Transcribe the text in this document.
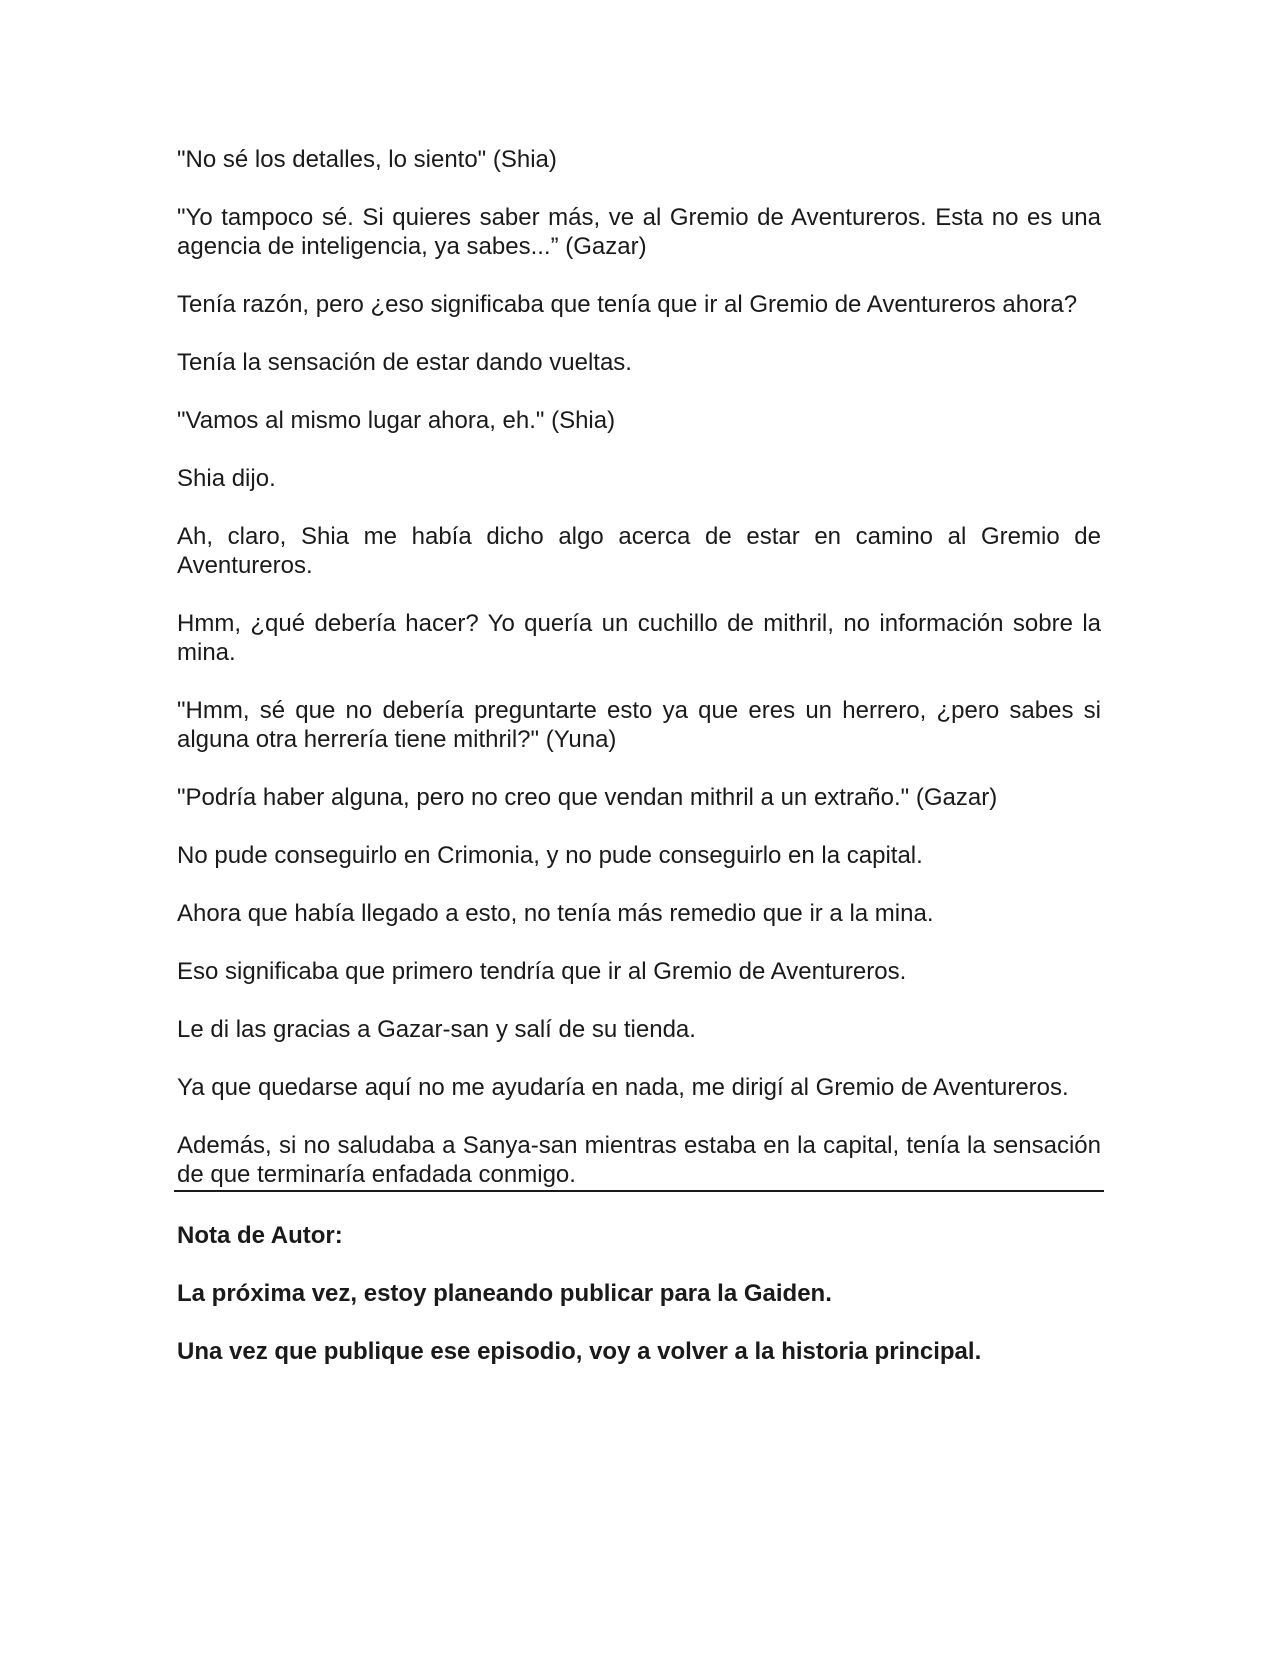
"No sé los detalles, lo siento" (Shia)

"Yo tampoco sé. Si quieres saber más, ve al Gremio de Aventureros. Esta no es una agencia de inteligencia, ya sabes...” (Gazar)

Tenía razón, pero ¿eso significaba que tenía que ir al Gremio de Aventureros ahora?

Tenía la sensación de estar dando vueltas.

"Vamos al mismo lugar ahora, eh." (Shia)

Shia dijo.

Ah, claro, Shia me había dicho algo acerca de estar en camino al Gremio de Aventureros.

Hmm, ¿qué debería hacer? Yo quería un cuchillo de mithril, no información sobre la mina.

"Hmm, sé que no debería preguntarte esto ya que eres un herrero, ¿pero sabes si alguna otra herrería tiene mithril?" (Yuna)

"Podría haber alguna, pero no creo que vendan mithril a un extraño." (Gazar)

No pude conseguirlo en Crimonia, y no pude conseguirlo en la capital.

Ahora que había llegado a esto, no tenía más remedio que ir a la mina.

Eso significaba que primero tendría que ir al Gremio de Aventureros.

Le di las gracias a Gazar-san y salí de su tienda.

Ya que quedarse aquí no me ayudaría en nada, me dirigí al Gremio de Aventureros.

Además, si no saludaba a Sanya-san mientras estaba en la capital, tenía la sensación de que terminaría enfadada conmigo.

Nota de Autor:

La próxima vez, estoy planeando publicar para la Gaiden.

Una vez que publique ese episodio, voy a volver a la historia principal.
